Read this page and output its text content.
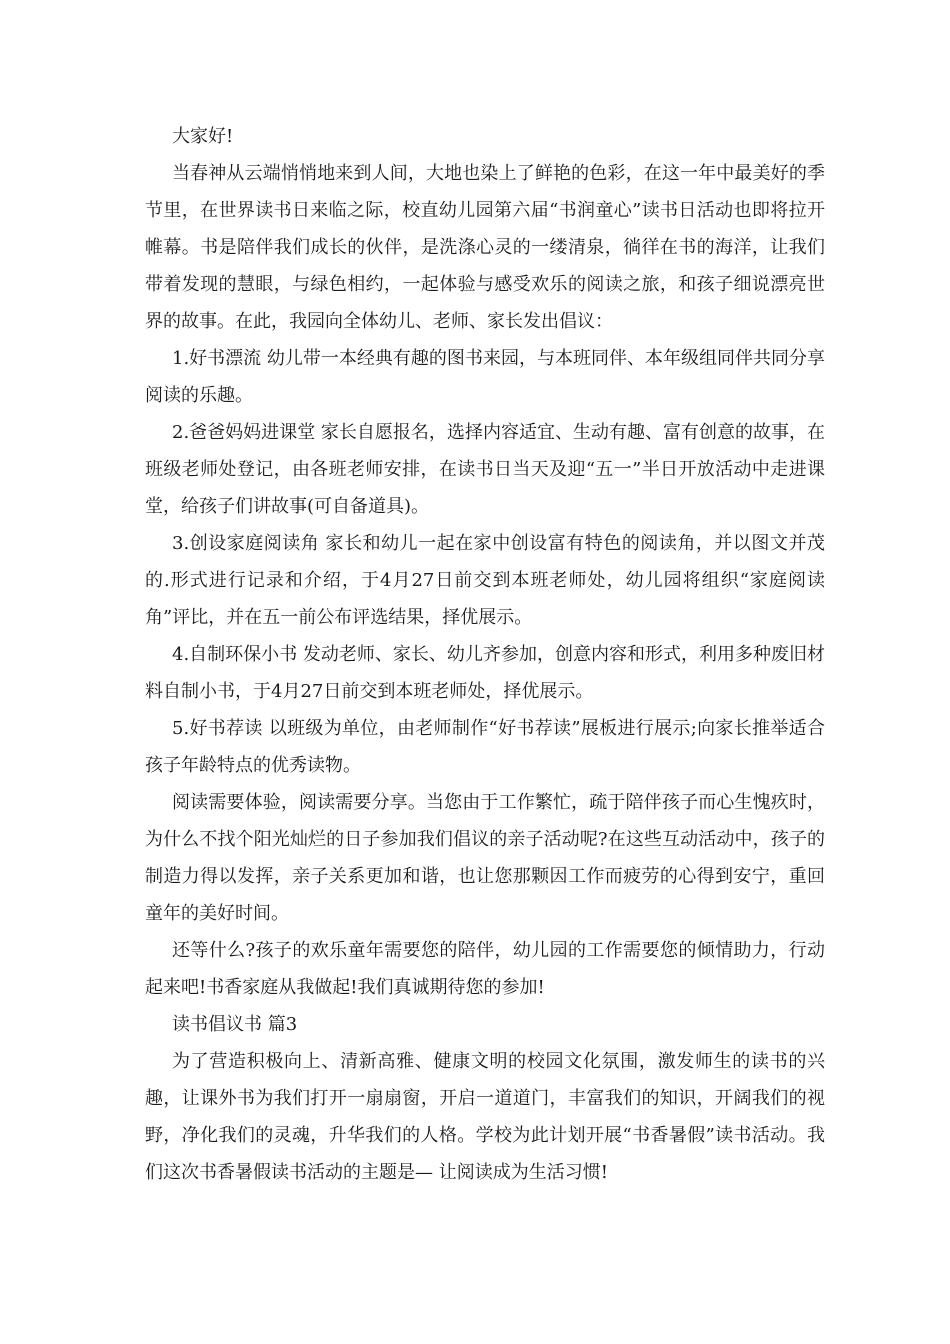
大家好!

当春神从云端悄悄地来到人间，大地也染上了鲜艳的色彩，在这一年中最美好的季节里，在世界读书日来临之际，校直幼儿园第六届“书润童心”读书日活动也即将拉开帷幕。书是陪伴我们成长的伙伴，是洗涤心灵的一缕清泉，徜徉在书的海洋，让我们带着发现的慧眼，与绿色相约，一起体验与感受欢乐的阅读之旅，和孩子细说漂亮世界的故事。在此，我园向全体幼儿、老师、家长发出倡议：

1.好书漂流 幼儿带一本经典有趣的图书来园，与本班同伴、本年级组同伴共同分享阅读的乐趣。

2.爸爸妈妈进课堂 家长自愿报名，选择内容适宜、生动有趣、富有创意的故事，在班级老师处登记，由各班老师安排，在读书日当天及迎“五一”半日开放活动中走进课堂，给孩子们讲故事(可自备道具)。

3.创设家庭阅读角 家长和幼儿一起在家中创设富有特色的阅读角，并以图文并茂的.形式进行记录和介绍，于4月27日前交到本班老师处，幼儿园将组织“家庭阅读角”评比，并在五一前公布评选结果，择优展示。

4.自制环保小书 发动老师、家长、幼儿齐参加，创意内容和形式，利用多种废旧材料自制小书，于4月27日前交到本班老师处，择优展示。

5.好书荐读 以班级为单位，由老师制作“好书荐读”展板进行展示;向家长推举适合孩子年龄特点的优秀读物。

阅读需要体验，阅读需要分享。当您由于工作繁忙，疏于陪伴孩子而心生愧疚时，为什么不找个阳光灿烂的日子参加我们倡议的亲子活动呢?在这些互动活动中，孩子的制造力得以发挥，亲子关系更加和谐，也让您那颗因工作而疲劳的心得到安宁，重回童年的美好时间。

还等什么?孩子的欢乐童年需要您的陪伴，幼儿园的工作需要您的倾情助力，行动起来吧!书香家庭从我做起!我们真诚期待您的参加!

读书倡议书 篇3

为了营造积极向上、清新高雅、健康文明的校园文化氛围，激发师生的读书的兴趣，让课外书为我们打开一扇扇窗，开启一道道门，丰富我们的知识，开阔我们的视野，净化我们的灵魂，升华我们的人格。学校为此计划开展“书香暑假”读书活动。我们这次书香暑假读书活动的主题是— 让阅读成为生活习惯!
